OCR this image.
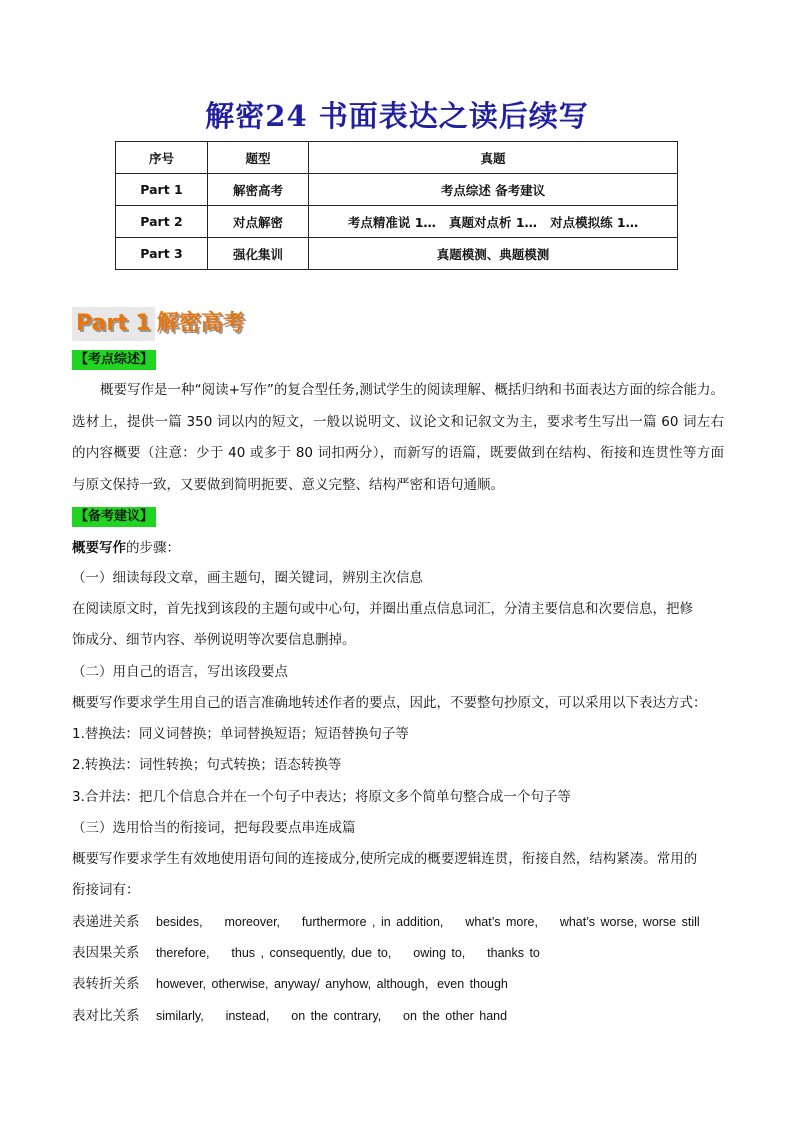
解密24 书面表达之读后续写
序号	题型	真题
Part 1	解密高考	考点综述 备考建议
Part 2	对点解密	考点精准说 1…   真题对点析 1…   对点模拟练 1…
Part 3	强化集训	真题模测、典题模测
Part 1 解密高考
【考点综述】
概要写作是一种“阅读+写作”的复合型任务,测试学生的阅读理解、概括归纳和书面表达方面的综合能力。选材上，提供一篇 350 词以内的短文，一般以说明文、议论文和记叙文为主，要求考生写出一篇 60 词左右的内容概要（注意：少于 40 或多于 80 词扣两分），而新写的语篇，既要做到在结构、衔接和连贯性等方面与原文保持一致，又要做到简明扼要、意义完整、结构严密和语句通顺。
【备考建议】
概要写作的步骤：
（一）细读每段文章，画主题句，圈关键词，辨别主次信息
在阅读原文时，首先找到该段的主题句或中心句，并圈出重点信息词汇，分清主要信息和次要信息，把修
饰成分、细节内容、举例说明等次要信息删掉。
（二）用自己的语言，写出该段要点
概要写作要求学生用自己的语言准确地转述作者的要点，因此，不要整句抄原文，可以采用以下表达方式：
1.替换法：同义词替换；单词替换短语；短语替换句子等
2.转换法：词性转换；句式转换；语态转换等
3.合并法：把几个信息合并在一个句子中表达；将原文多个简单句整合成一个句子等
（三）选用恰当的衔接词，把每段要点串连成篇
概要写作要求学生有效地使用语句间的连接成分,使所完成的概要逻辑连贯，衔接自然，结构紧凑。常用的
衔接词有：
表递进关系 besides,    moreover,    furthermore , in addition,    what’s more,    what’s worse, worse still
表因果关系 therefore,    thus , consequently, due to,    owing to,    thanks to
表转折关系 however, otherwise, anyway/ anyhow, although，even though
表对比关系 similarly,    instead,    on the contrary,    on the other hand
